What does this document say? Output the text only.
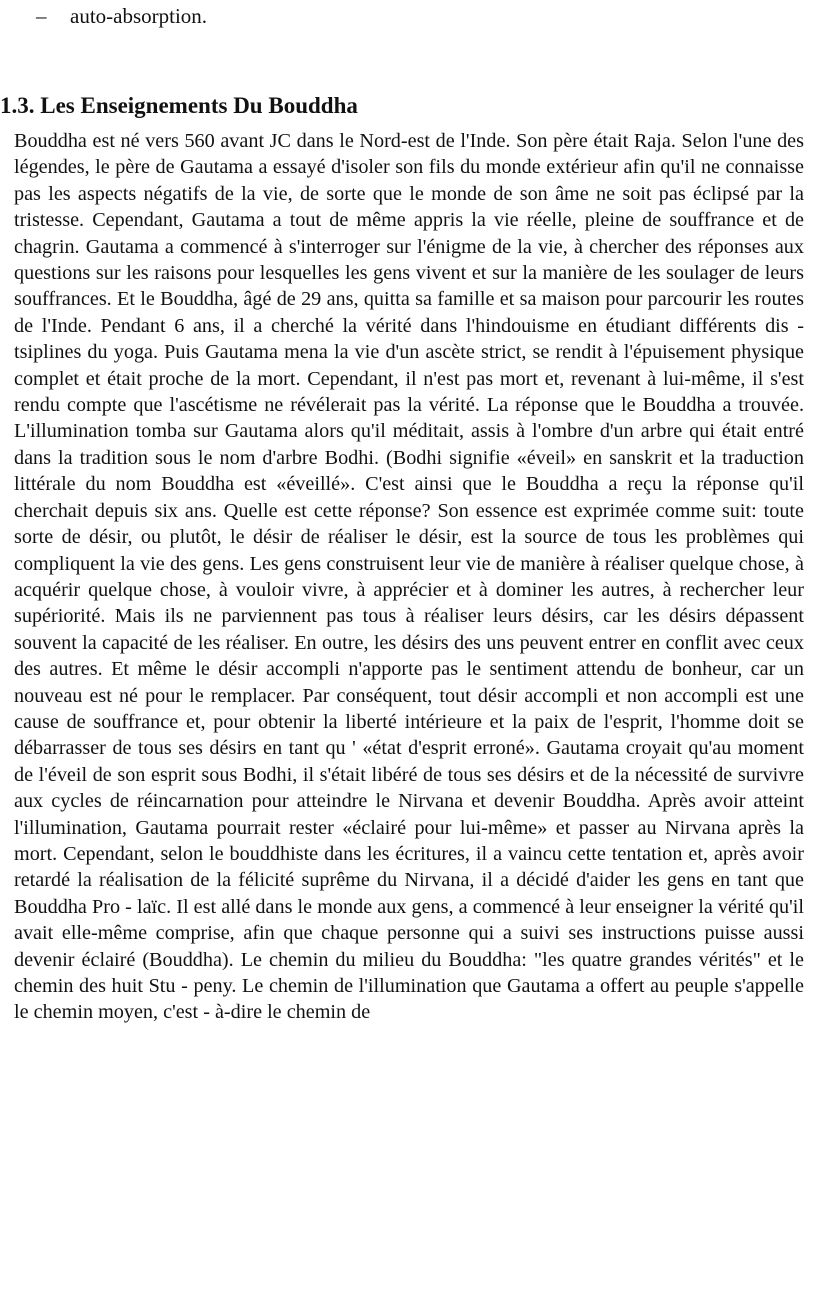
–	auto-absorption.

1.3. Les Enseignements Du Bouddha

Bouddha est né vers 560 avant JC dans le Nord-est de l'Inde. Son père était Raja. Selon l'une des légendes, le père de Gautama a essayé d'isoler son fils du monde extérieur afin qu'il ne connaisse pas les aspects négatifs de la vie, de sorte que le monde de son âme ne soit pas éclipsé par la tristesse. Cependant, Gautama a tout de même appris la vie réelle, pleine de souffrance et de chagrin. Gautama a commencé à s'interroger sur l'énigme de la vie, à chercher des réponses aux questions sur les raisons pour lesquelles les gens vivent et sur la manière de les soulager de leurs souffrances. Et le Bouddha, âgé de 29 ans, quitta sa famille et sa maison pour parcourir les routes de l'Inde. Pendant 6 ans, il a cherché la vérité dans l'hindouisme en étudiant différents dis - tsiplines du yoga. Puis Gautama mena la vie d'un ascète strict, se rendit à l'épuisement physique complet et était proche de la mort. Cependant, il n'est pas mort et, revenant à lui-même, il s'est rendu compte que l'ascétisme ne révélerait pas la vérité. La réponse que le Bouddha a trouvée. L'illumination tomba sur Gautama alors qu'il méditait, assis à l'ombre d'un arbre qui était entré dans la tradition sous le nom d'arbre Bodhi. (Bodhi signifie «éveil» en sanskrit et la traduction littérale du nom Bouddha est «éveillé». C'est ainsi que le Bouddha a reçu la réponse qu'il cherchait depuis six ans. Quelle est cette réponse? Son essence est exprimée comme suit: toute sorte de désir, ou plutôt, le désir de réaliser le désir, est la source de tous les problèmes qui compliquent la vie des gens. Les gens construisent leur vie de manière à réaliser quelque chose, à acquérir quelque chose, à vouloir vivre, à apprécier et à dominer les autres, à rechercher leur supériorité. Mais ils ne parviennent pas tous à réaliser leurs désirs, car les désirs dépassent souvent la capacité de les réaliser. En outre, les désirs des uns peuvent entrer en conflit avec ceux des autres. Et même le désir accompli n'apporte pas le sentiment attendu de bonheur, car un nouveau est né pour le remplacer. Par conséquent, tout désir accompli et non accompli est une cause de souffrance et, pour obtenir la liberté intérieure et la paix de l'esprit, l'homme doit se débarrasser de tous ses désirs en tant qu ' «état d'esprit erroné». Gautama croyait qu'au moment de l'éveil de son esprit sous Bodhi, il s'était libéré de tous ses désirs et de la nécessité de survivre aux cycles de réincarnation pour atteindre le Nirvana et devenir Bouddha. Après avoir atteint l'illumination, Gautama pourrait rester «éclairé pour lui-même» et passer au Nirvana après la mort. Cependant, selon le bouddhiste dans les écritures, il a vaincu cette tentation et, après avoir retardé la réalisation de la félicité suprême du Nirvana, il a décidé d'aider les gens en tant que Bouddha Pro - laïc. Il est allé dans le monde aux gens, a commencé à leur enseigner la vérité qu'il avait elle-même comprise, afin que chaque personne qui a suivi ses instructions puisse aussi devenir éclairé (Bouddha). Le chemin du milieu du Bouddha: "les quatre grandes vérités" et le chemin des huit Stu - peny. Le chemin de l'illumination que Gautama a offert au peuple s'appelle le chemin moyen, c'est - à-dire le chemin de
